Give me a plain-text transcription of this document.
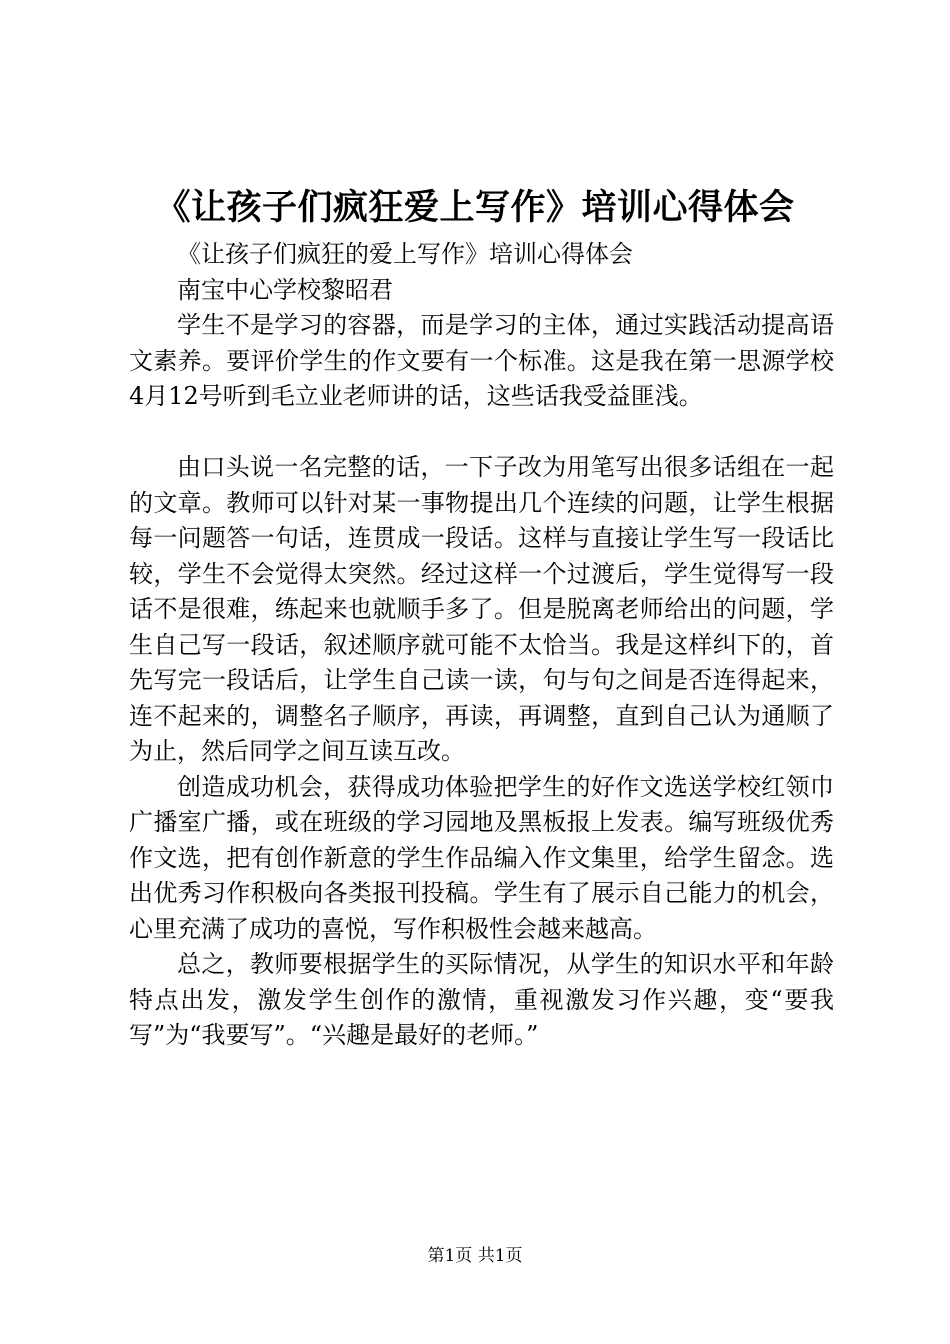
《让孩子们疯狂爱上写作》培训心得体会

《让孩子们疯狂的爱上写作》培训心得体会

南宝中心学校黎昭君

学生不是学习的容器，而是学习的主体，通过实践活动提高语文素养。要评价学生的作文要有一个标准。这是我在第一思源学校4月12号听到毛立业老师讲的话，这些话我受益匪浅。

由口头说一名完整的话，一下子改为用笔写出很多话组在一起的文章。教师可以针对某一事物提出几个连续的问题，让学生根据每一问题答一句话，连贯成一段话。这样与直接让学生写一段话比较，学生不会觉得太突然。经过这样一个过渡后，学生觉得写一段话不是很难，练起来也就顺手多了。但是脱离老师给出的问题，学生自己写一段话，叙述顺序就可能不太恰当。我是这样纠下的，首先写完一段话后，让学生自己读一读，句与句之间是否连得起来，连不起来的，调整名子顺序，再读，再调整，直到自己认为通顺了为止，然后同学之间互读互改。

创造成功机会，获得成功体验把学生的好作文选送学校红领巾广播室广播，或在班级的学习园地及黑板报上发表。编写班级优秀作文选，把有创作新意的学生作品编入作文集里，给学生留念。选出优秀习作积极向各类报刊投稿。学生有了展示自己能力的机会，心里充满了成功的喜悦，写作积极性会越来越高。

总之，教师要根据学生的买际情况，从学生的知识水平和年龄特点出发，激发学生创作的激情，重视激发习作兴趣，变“要我写”为“我要写”。“兴趣是最好的老师。”

第1页 共1页
